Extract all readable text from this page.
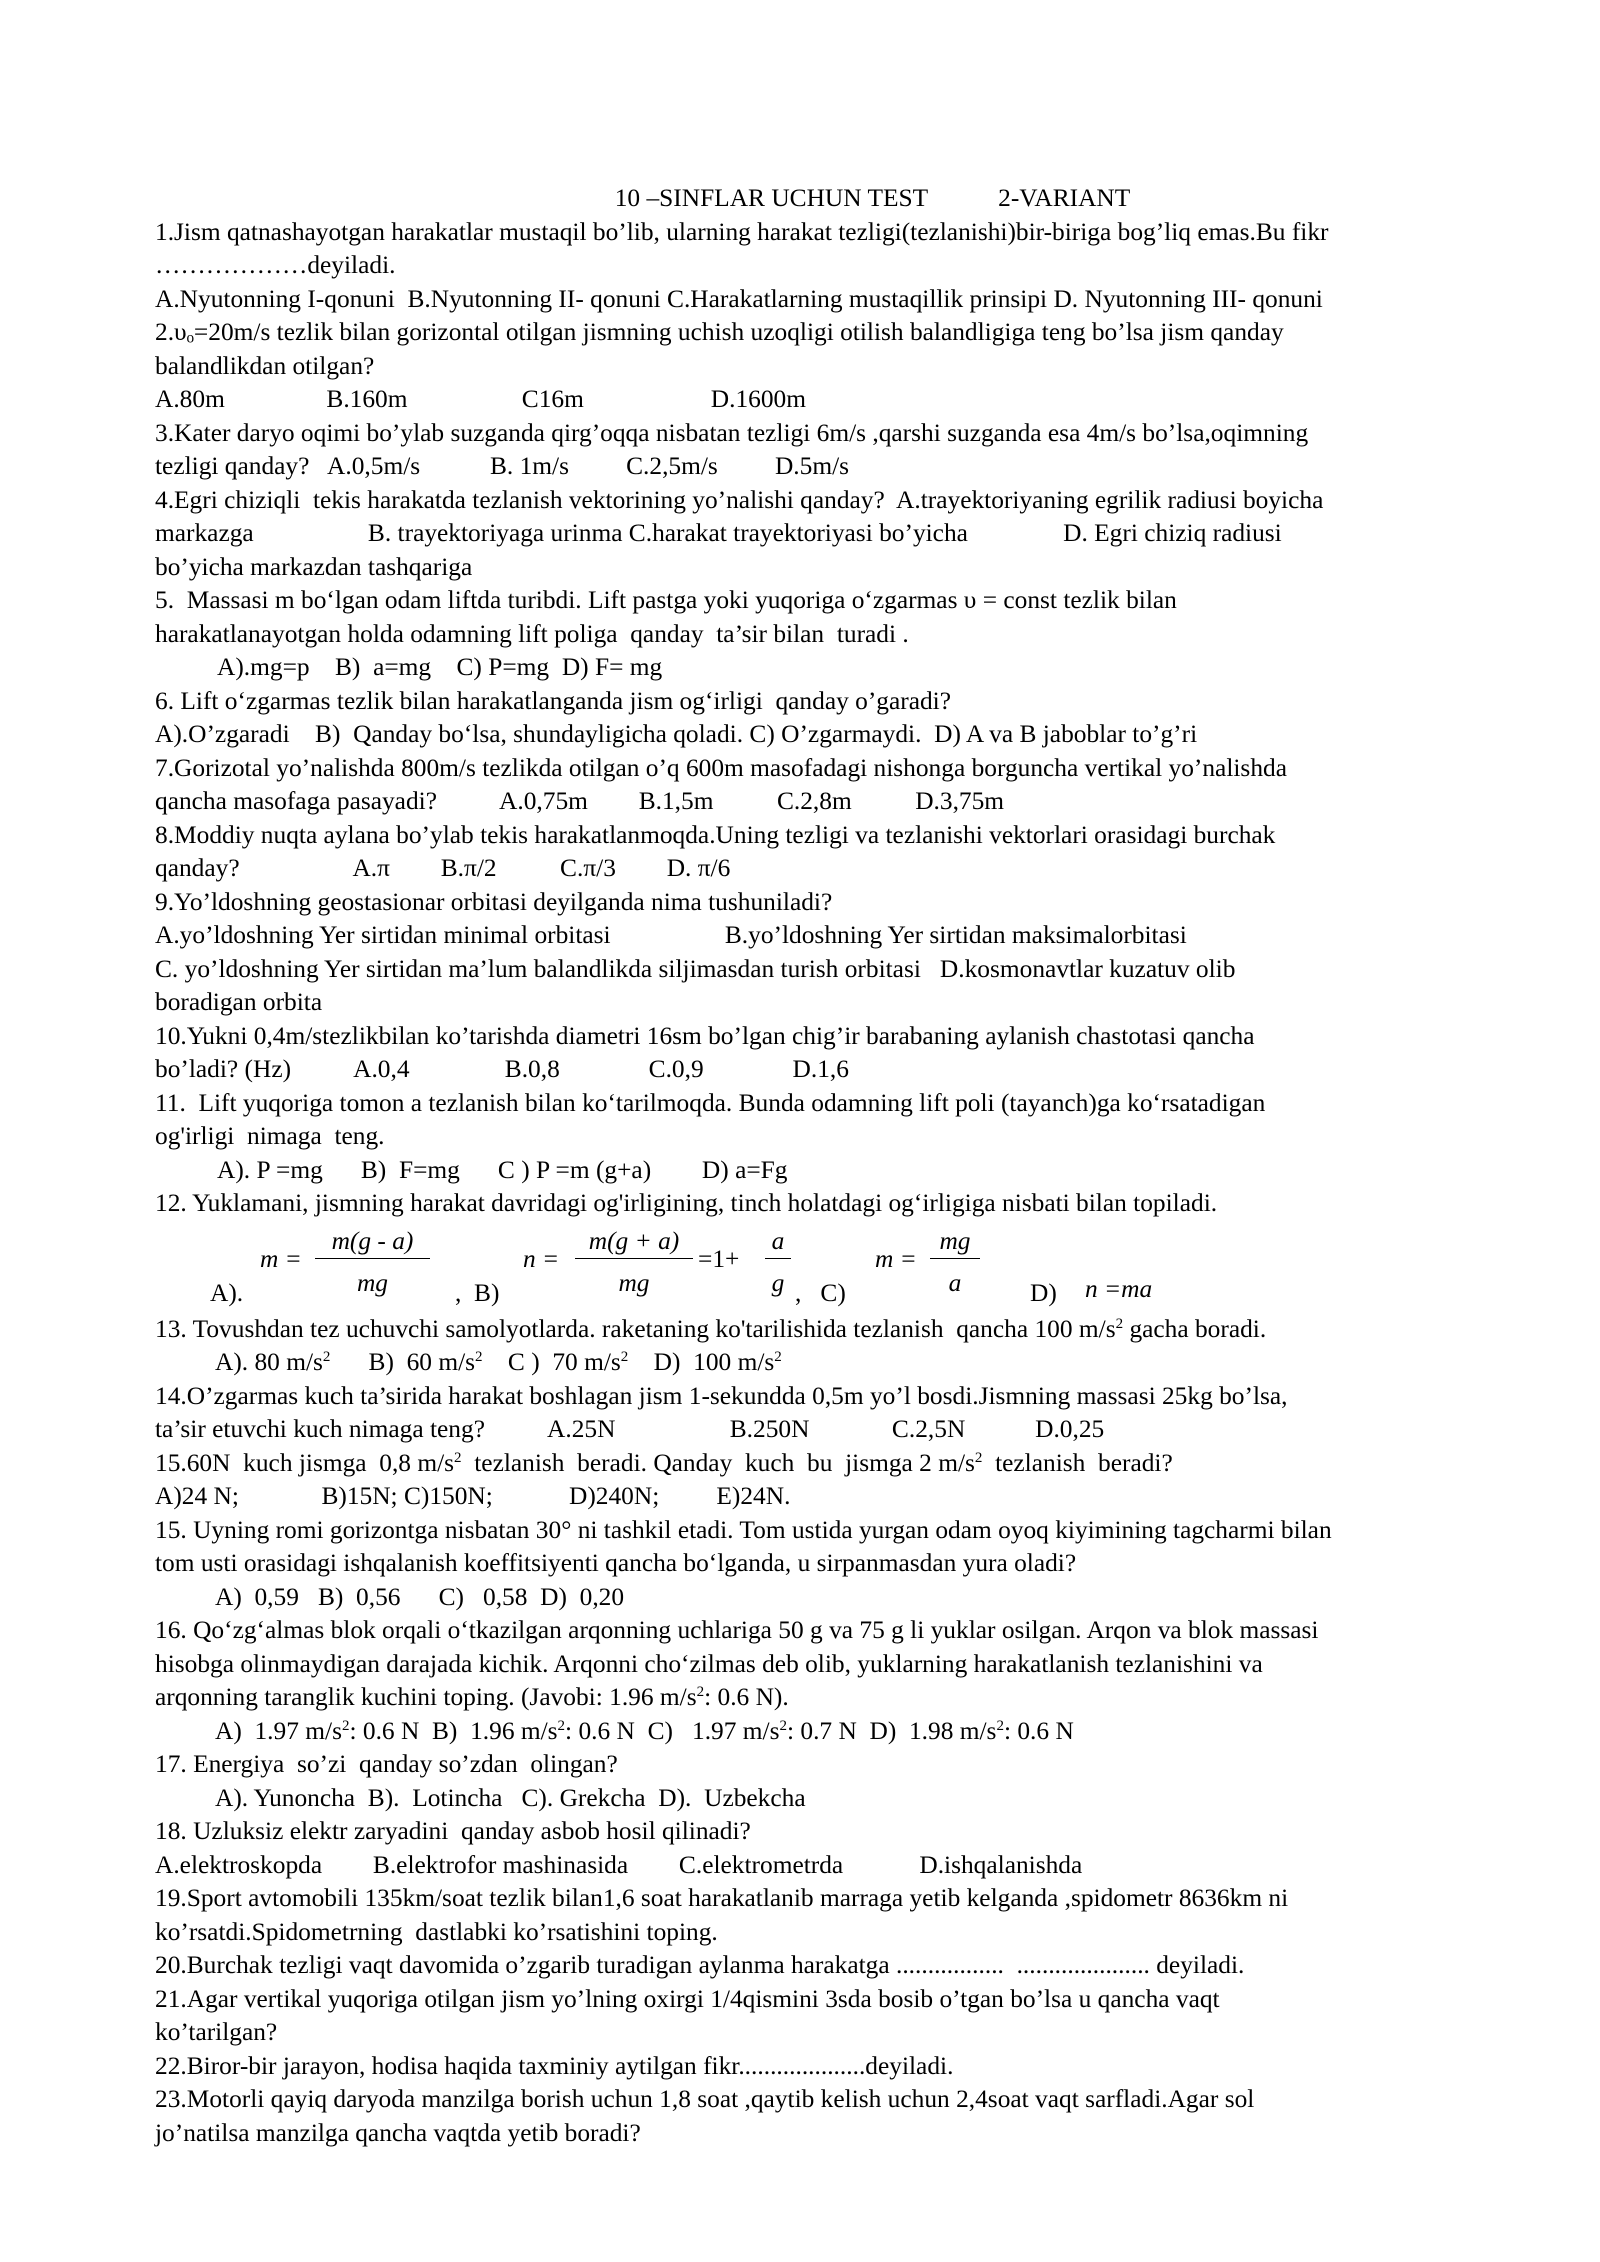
10 –SINFLAR UCHUN TEST	2-VARIANT
1.Jism qatnashayotgan harakatlar mustaqil bo’lib, ularning harakat tezligi(tezlanishi)bir-biriga bog’liq emas.Bu fikr
………………deyiladi.
A.Nyutonning I-qonuni  B.Nyutonning II- qonuni C.Harakatlarning mustaqillik prinsipi D. Nyutonning III- qonuni
2.υₒ=20m/s tezlik bilan gorizontal otilgan jismning uchish uzoqligi otilish balandligiga teng bo’lsa jism qanday
balandlikdan otilgan?
A.80m                B.160m                  C16m                    D.1600m
3.Kater daryo oqimi bo’ylab suzganda qirg’oqqa nisbatan tezligi 6m/s ,qarshi suzganda esa 4m/s bo’lsa,oqimning
tezligi qanday?   A.0,5m/s           B. 1m/s         C.2,5m/s         D.5m/s
4.Egri chiziqli  tekis harakatda tezlanish vektorining yo’nalishi qanday?  A.trayektoriyaning egrilik radiusi boyicha
markazga                  B. trayektoriyaga urinma C.harakat trayektoriyasi bo’yicha               D. Egri chiziq radiusi
bo’yicha markazdan tashqariga
5.  Massasi m bo‘lgan odam liftda turibdi. Lift pastga yoki yuqoriga o‘zgarmas υ = const tezlik bilan
harakatlanayotgan holda odamning lift poliga  qanday  ta’sir bilan  turadi .
A).mg=p    B)  a=mg    C) P=mg  D) F= mg
6. Lift o‘zgarmas tezlik bilan harakatlanganda jism og‘irligi  qanday o’garadi?
A).O’zgaradi    B)  Qanday bo‘lsa, shundayligicha qoladi. C) O’zgarmaydi.  D) A va B jaboblar to’g’ri
7.Gorizotal yo’nalishda 800m/s tezlikda otilgan o’q 600m masofadagi nishonga borguncha vertikal yo’nalishda
qancha masofaga pasayadi?          A.0,75m        B.1,5m          C.2,8m          D.3,75m
8.Moddiy nuqta aylana bo’ylab tekis harakatlanmoqda.Uning tezligi va tezlanishi vektorlari orasidagi burchak
qanday?                  A.π        B.π/2          C.π/3        D. π/6
9.Yo’ldoshning geostasionar orbitasi deyilganda nima tushuniladi?
A.yo’ldoshning Yer sirtidan minimal orbitasi                  B.yo’ldoshning Yer sirtidan maksimalorbitasi
C. yo’ldoshning Yer sirtidan ma’lum balandlikda siljimasdan turish orbitasi   D.kosmonavtlar kuzatuv olib
boradigan orbita
10.Yukni 0,4m/stezlikbilan ko’tarishda diametri 16sm bo’lgan chig’ir barabaning aylanish chastotasi qancha
bo’ladi? (Hz)          A.0,4               B.0,8              C.0,9              D.1,6
11.  Lift yuqoriga tomon a tezlanish bilan ko‘tarilmoqda. Bunda odamning lift poli (tayanch)ga ko‘rsatadigan
og'irligi  nimaga  teng.
A). P =mg      B)  F=mg      C ) P =m (g+a)        D) a=Fg
12. Yuklamani, jismning harakat davridagi og'irligining, tinch holatdagi og‘irligiga nisbati bilan topiladi.
A).
$m = \frac{m(g - a)}{mg}$ ,  B)
$n = \frac{m(g + a)}{mg} =1+ \frac{a}{g}$ ,   C)
$m = \frac{mg}{a} D$) n =ma
13. Tovushdan tez uchuvchi samolyotlarda. raketaning ko'tarilishida tezlanish  qancha 100 $m/s^2$ gacha boradi.
A). 80 $m/s^2$      B)  60 $m/s^2$    C )  70 $m/s^2$    D)  100 $m/s^2$
14.O’zgarmas kuch ta’sirida harakat boshlagan jism 1-sekundda 0,5m yo’l bosdi.Jismning massasi 25kg bo’lsa,
ta’sir etuvchi kuch nimaga teng?          A.25N                  B.250N             C.2,5N           D.0,25
15.60N  kuch jismga  0,8 $m/s^2$  tezlanish  beradi. Qanday  kuch  bu  jismga 2 $m/s^2$  tezlanish  beradi?
A)24 N;             B)15N; C)150N;            D)240N;         E)24N.
15. Uyning romi gorizontga nisbatan 30° ni tashkil etadi. Tom ustida yurgan odam oyoq kiyimining tagcharmi bilan
tom usti orasidagi ishqalanish koeffitsiyenti qancha bo‘lganda, u sirpanmasdan yura oladi?
A)  0,59   B)  0,56      C)   0,58  D)  0,20
16. Qo‘zg‘almas blok orqali o‘tkazilgan arqonning uchlariga 50 g va 75 g li yuklar osilgan. Arqon va blok massasi
hisobga olinmaydigan darajada kichik. Arqonni cho‘zilmas deb olib, yuklarning harakatlanish tezlanishini va
arqonning taranglik kuchini toping. (Javobi: 1.96 $m/s^2$: 0.6 N).
A)  1.97 $m/s^2$: 0.6 N  B)  1.96 $m/s^2$: 0.6 N  C)   1.97 $m/s^2$: 0.7 N  D)  1.98 $m/s^2$: 0.6 N
17. Energiya  so’zi  qanday so’zdan  olingan?
A). Yunoncha  B).  Lotincha   C). Grekcha  D).  Uzbekcha
18. Uzluksiz elektr zaryadini  qanday asbob hosil qilinadi?
A.elektroskopda        B.elektrofor mashinasida        C.elektrometrda            D.ishqalanishda
19.Sport avtomobili 135km/soat tezlik bilan1,6 soat harakatlanib marraga yetib kelganda ,spidometr 8636km ni
ko’rsatdi.Spidometrning  dastlabki ko’rsatishini toping.
20.Burchak tezligi vaqt davomida o’zgarib turadigan aylanma harakatga .................  ..................... deyiladi.
21.Agar vertikal yuqoriga otilgan jism yo’lning oxirgi 1/4qismini 3sda bosib o’tgan bo’lsa u qancha vaqt
ko’tarilgan?
22.Biror-bir jarayon, hodisa haqida taxminiy aytilgan fikr....................deyiladi.
23.Motorli qayiq daryoda manzilga borish uchun 1,8 soat ,qaytib kelish uchun 2,4soat vaqt sarfladi.Agar sol
jo’natilsa manzilga qancha vaqtda yetib boradi?
